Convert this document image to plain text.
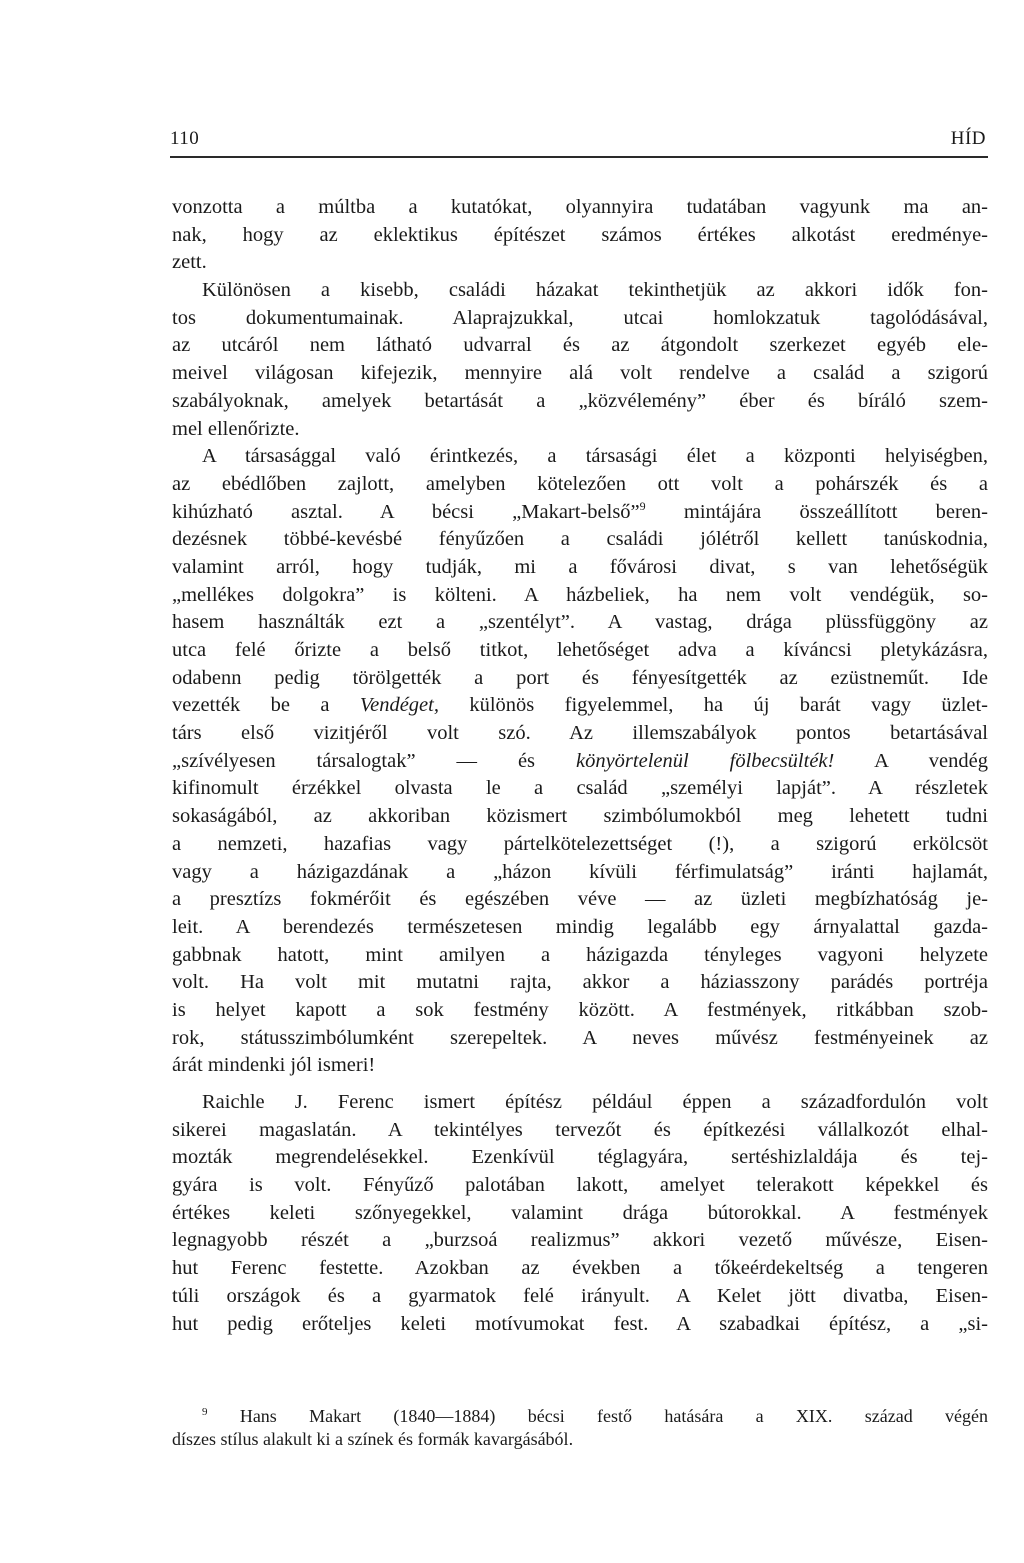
110	HÍD
vonzotta a múltba a kutatókat, olyannyira tudatában vagyunk ma an-
nak, hogy az eklektikus építészet számos értékes alkotást eredménye-
zett.
Különösen a kisebb, családi házakat tekinthetjük az akkori idők fon-
tos dokumentumainak. Alaprajzukkal, utcai homlokzatuk tagolódásával,
az utcáról nem látható udvarral és az átgondolt szerkezet egyéb ele-
meivel világosan kifejezik, mennyire alá volt rendelve a család a szigorú
szabályoknak, amelyek betartását a „közvélemény” éber és bíráló szem-
mel ellenőrizte.
A társasággal való érintkezés, a társasági élet a központi helyiségben,
az ebédlőben zajlott, amelyben kötelezően ott volt a pohárszék és a
kihúzható asztal. A bécsi „Makart-belső”$^9$ mintájára összeállított beren-
dezésnek többé-kevésbé fényűzően a családi jólétről kellett tanúskodnia,
valamint arról, hogy tudják, mi a fővárosi divat, s van lehetőségük
„mellékes dolgokra” is költeni. A házbeliek, ha nem volt vendégük, so-
hasem használták ezt a „szentélyt”. A vastag, drága plüssfüggöny az
utca felé őrizte a belső titkot, lehetőséget adva a kíváncsi pletykázásra,
odabenn pedig törölgették a port és fényesítgették az ezüstneműt. Ide
vezették be a Vendéget, különös figyelemmel, ha új barát vagy üzlet-
társ első vizitjéről volt szó. Az illemszabályok pontos betartásával
„szívélyesen társalogtak” — és könyörtelenül fölbecsülték! A vendég
kifinomult érzékkel olvasta le a család „személyi lapját”. A részletek
sokaságából, az akkoriban közismert szimbólumokból meg lehetett tudni
a nemzeti, hazafias vagy pártelkötelezettséget (!), a szigorú erkölcsöt
vagy a házigazdának a „házon kívüli férfimulatság” iránti hajlamát,
a presztízs fokmérőit és egészében véve — az üzleti megbízhatóság je-
leit. A berendezés természetesen mindig legalább egy árnyalattal gazda-
gabbnak hatott, mint amilyen a házigazda tényleges vagyoni helyzete
volt. Ha volt mit mutatni rajta, akkor a háziasszony parádés portréja
is helyet kapott a sok festmény között. A festmények, ritkábban szob-
rok, státusszimbólumként szerepeltek. A neves művész festményeinek az
árát mindenki jól ismeri!
Raichle J. Ferenc ismert építész például éppen a századfordulón volt
sikerei magaslatán. A tekintélyes tervezőt és építkezési vállalkozót elhal-
mozták megrendelésekkel. Ezenkívül téglagyára, sertéshizlaldája és tej-
gyára is volt. Fényűző palotában lakott, amelyet telerakott képekkel és
értékes keleti szőnyegekkel, valamint drága bútorokkal. A festmények
legnagyobb részét a „burzsoá realizmus” akkori vezető művésze, Eisen-
hut Ferenc festette. Azokban az években a tőkeérdekeltség a tengeren
túli országok és a gyarmatok felé irányult. A Kelet jött divatba, Eisen-
hut pedig erőteljes keleti motívumokat fest. A szabadkai építész, a „si-
$^9$ Hans Makart (1840—1884) bécsi festő hatására a XIX. század végén
díszes stílus alakult ki a színek és formák kavargásából.
